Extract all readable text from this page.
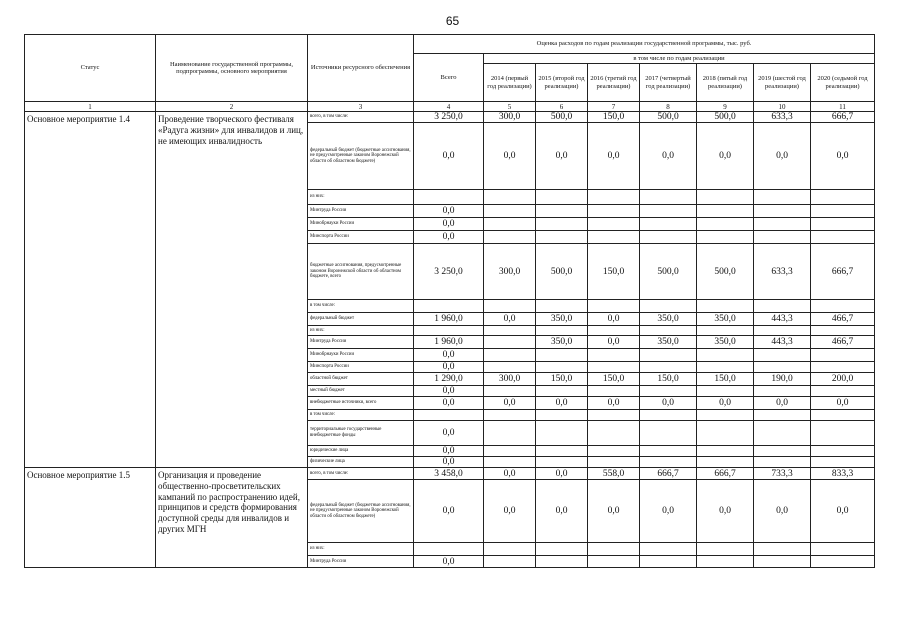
65
Статус	Наименование государственной программы, подпрограммы, основного мероприятия	Источники ресурсного обеспечения	Оценка расходов по годам реализации государственной программы, тыс. руб.							
			Всего	в том числе по годам реализации						
				2014 (первый год реализации)	2015 (второй год реализации)	2016 (третий год реализации)	2017 (четвертый год реализации)	2018 (пятый год реализации)	2019 (шестой год реализации)	2020 (седьмой год реализации)
1	2	3	4	5	6	7	8	9	10	11
Основное мероприятие 1.4	Проведение творческого фестиваля «Радуга жизни» для инвалидов и лиц, не имеющих инвалидность	всего, в том числе:	3 250,0	300,0	500,0	150,0	500,0	500,0	633,3	666,7
		федеральный бюджет (бюджетные ассигнования, не предусмотренные законом Воронежской области об областном бюджете)	0,0	0,0	0,0	0,0	0,0	0,0	0,0	0,0
		из них:								
		Минтруда России	0,0							
		Минобрнауки России	0,0							
		Минспорта России	0,0							
		бюджетные ассигнования, предусмотренные законом Воронежской области об областном бюджете, всего	3 250,0	300,0	500,0	150,0	500,0	500,0	633,3	666,7
		в том числе:								
		федеральный бюджет	1 960,0	0,0	350,0	0,0	350,0	350,0	443,3	466,7
		из них:								
		Минтруда России	1 960,0		350,0	0,0	350,0	350,0	443,3	466,7
		Минобрнауки России	0,0							
		Минспорта России	0,0							
		областной бюджет	1 290,0	300,0	150,0	150,0	150,0	150,0	190,0	200,0
		местный бюджет	0,0							
		внебюджетные источники, всего	0,0	0,0	0,0	0,0	0,0	0,0	0,0	0,0
		в том числе:								
		территориальные государственные внебюджетные фонды	0,0							
		юридические лица	0,0							
		физические лица	0,0							
Основное мероприятие 1.5	Организация и проведение общественно-просветительских кампаний по распространению идей, принципов и средств формирования доступной среды для инвалидов и других МГН	всего, в том числе:	3 458,0	0,0	0,0	558,0	666,7	666,7	733,3	833,3
		федеральный бюджет (бюджетные ассигнования, не предусмотренные законом Воронежской области об областном бюджете)	0,0	0,0	0,0	0,0	0,0	0,0	0,0	0,0
		из них:								
		Минтруда России	0,0							
